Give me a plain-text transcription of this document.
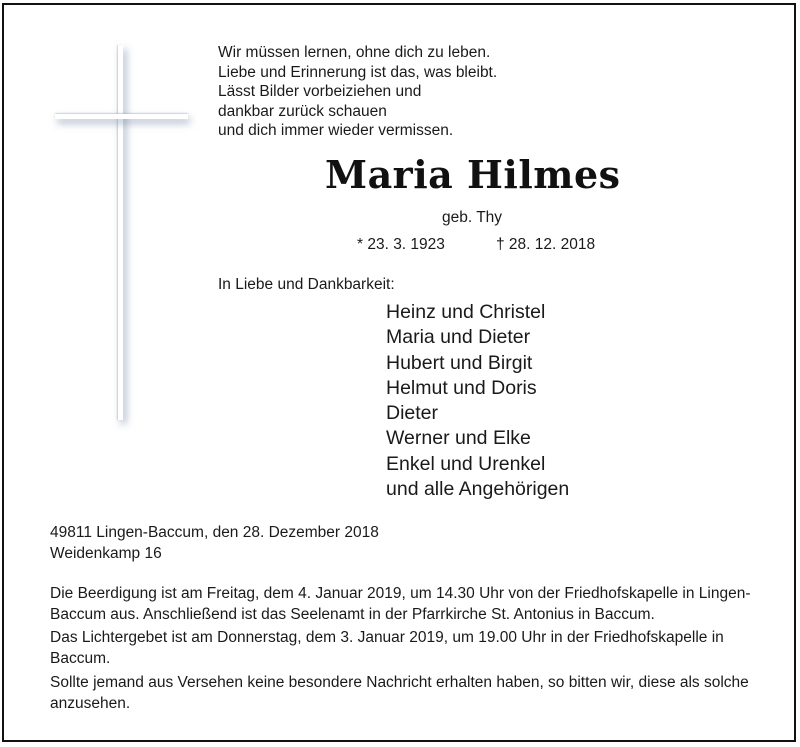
Wir müssen lernen, ohne dich zu leben.
Liebe und Erinnerung ist das, was bleibt.
Lässt Bilder vorbeiziehen und
dankbar zurück schauen
und dich immer wieder vermissen.
Maria Hilmes
geb. Thy
* 23. 3. 1923	† 28. 12. 2018
In Liebe und Dankbarkeit:
Heinz und Christel
Maria und Dieter
Hubert und Birgit
Helmut und Doris
Dieter
Werner und Elke
Enkel und Urenkel
und alle Angehörigen
49811 Lingen-Baccum, den 28. Dezember 2018
Weidenkamp 16
Die Beerdigung ist am Freitag, dem 4. Januar 2019, um 14.30 Uhr von der Friedhofskapelle in Lingen-Baccum aus. Anschließend ist das Seelenamt in der Pfarrkirche St. Antonius in Baccum.
Das Lichtergebet ist am Donnerstag, dem 3. Januar 2019, um 19.00 Uhr in der Friedhofskapelle in Baccum.
Sollte jemand aus Versehen keine besondere Nachricht erhalten haben, so bitten wir, diese als solche anzusehen.
